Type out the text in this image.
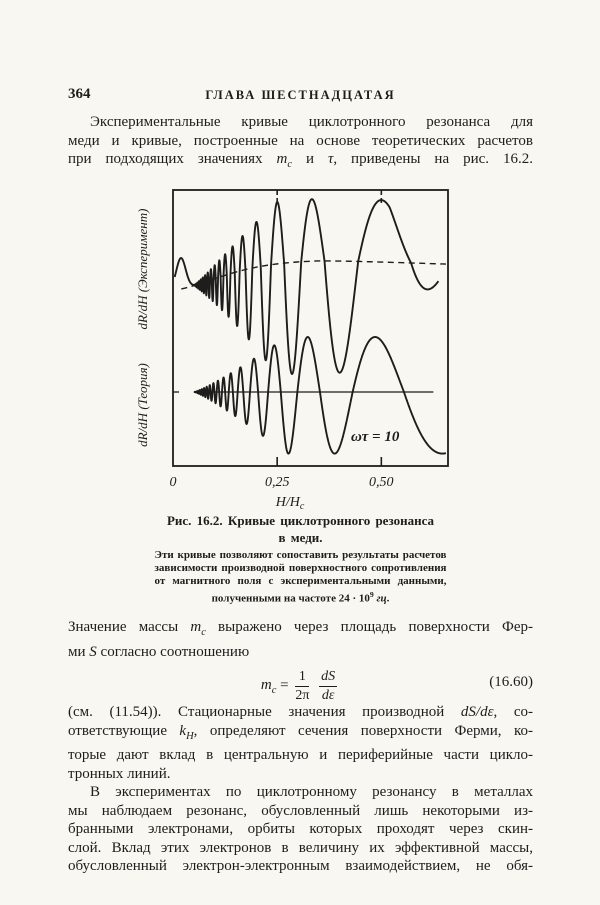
364	ГЛАВА ШЕСТНАДЦАТАЯ
Экспериментальные кривые циклотронного резонанса для
меди и кривые, построенные на основе теоретических расчетов
при подходящих значениях $m_c$ и τ, приведены на рис. 16.2.
dR/dH (Эксперимент)
dR/dH (Теория)	ωτ = 10
0	0,25	0,50
$H/H_c$
Рис. 16.2. Кривые циклотронного резонанса
в меди.
Эти кривые позволяют сопоставить результаты расчетов
зависимости производной поверхностного сопротивления
от магнитного поля с экспериментальными данными,
полученными на частоте $24 \cdot 10^9$ гц.
Значение массы $m_c$ выражено через площадь поверхности Фер-
ми S согласно соотношению
$m_c = \frac{1}{2\pi}$
$\frac{dS}{d\varepsilon}$	(16.60)
(см. (11.54)). Стационарные значения производной dS/dε, со-
ответствующие $k_H$, определяют сечения поверхности Ферми, ко-
торые дают вклад в центральную и периферийные части цикло-
тронных линий.
В экспериментах по циклотронному резонансу в металлах
мы наблюдаем резонанс, обусловленный лишь некоторыми из-
бранными электронами, орбиты которых проходят через скин-
слой. Вклад этих электронов в величину их эффективной массы,
обусловленный электрон-электронным взаимодействием, не обя-
